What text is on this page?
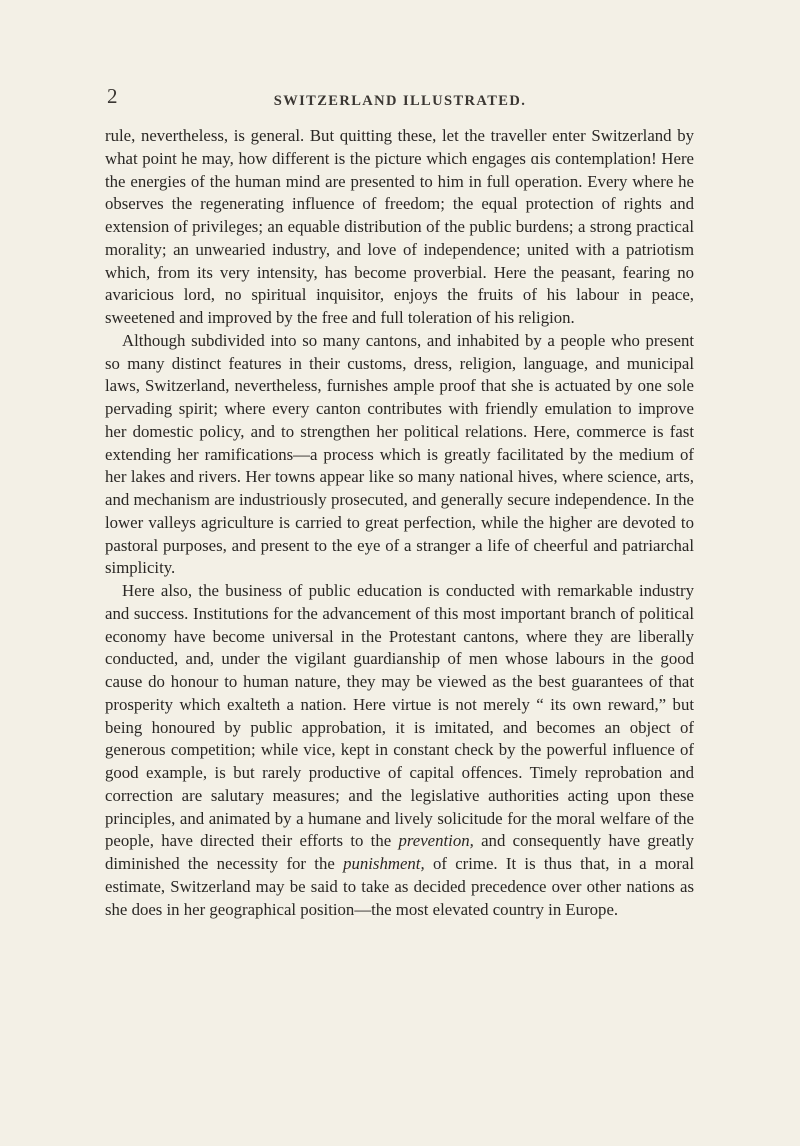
2	SWITZERLAND ILLUSTRATED.

rule, nevertheless, is general. But quitting these, let the traveller enter Switzerland by what point he may, how different is the picture which engages ɑis contemplation! Here the energies of the human mind are presented to him in full operation. Every where he observes the regenerating influence of freedom; the equal protection of rights and extension of privileges; an equable distribution of the public burdens; a strong practical morality; an unwearied industry, and love of independence; united with a patriotism which, from its very intensity, has become proverbial. Here the peasant, fearing no avaricious lord, no spiritual inquisitor, enjoys the fruits of his labour in peace, sweetened and improved by the free and full toleration of his religion.

Although subdivided into so many cantons, and inhabited by a people who present so many distinct features in their customs, dress, religion, language, and municipal laws, Switzerland, nevertheless, furnishes ample proof that she is actuated by one sole pervading spirit; where every canton contributes with friendly emulation to improve her domestic policy, and to strengthen her political relations. Here, commerce is fast extending her ramifications—a process which is greatly facilitated by the medium of her lakes and rivers. Her towns appear like so many national hives, where science, arts, and mechanism are industriously prosecuted, and generally secure independence. In the lower valleys agriculture is carried to great perfection, while the higher are devoted to pastoral purposes, and present to the eye of a stranger a life of cheerful and patriarchal simplicity.

Here also, the business of public education is conducted with remarkable industry and success. Institutions for the advancement of this most important branch of political economy have become universal in the Protestant cantons, where they are liberally conducted, and, under the vigilant guardianship of men whose labours in the good cause do honour to human nature, they may be viewed as the best guarantees of that prosperity which exalteth a nation. Here virtue is not merely “ its own reward,” but being honoured by public approbation, it is imitated, and becomes an object of generous competition; while vice, kept in constant check by the powerful influence of good example, is but rarely productive of capital offences. Timely reprobation and correction are salutary measures; and the legislative authorities acting upon these principles, and animated by a humane and lively solicitude for the moral welfare of the people, have directed their efforts to the prevention, and consequently have greatly diminished the necessity for the punishment, of crime. It is thus that, in a moral estimate, Switzerland may be said to take as decided precedence over other nations as she does in her geographical position—the most elevated country in Europe.
